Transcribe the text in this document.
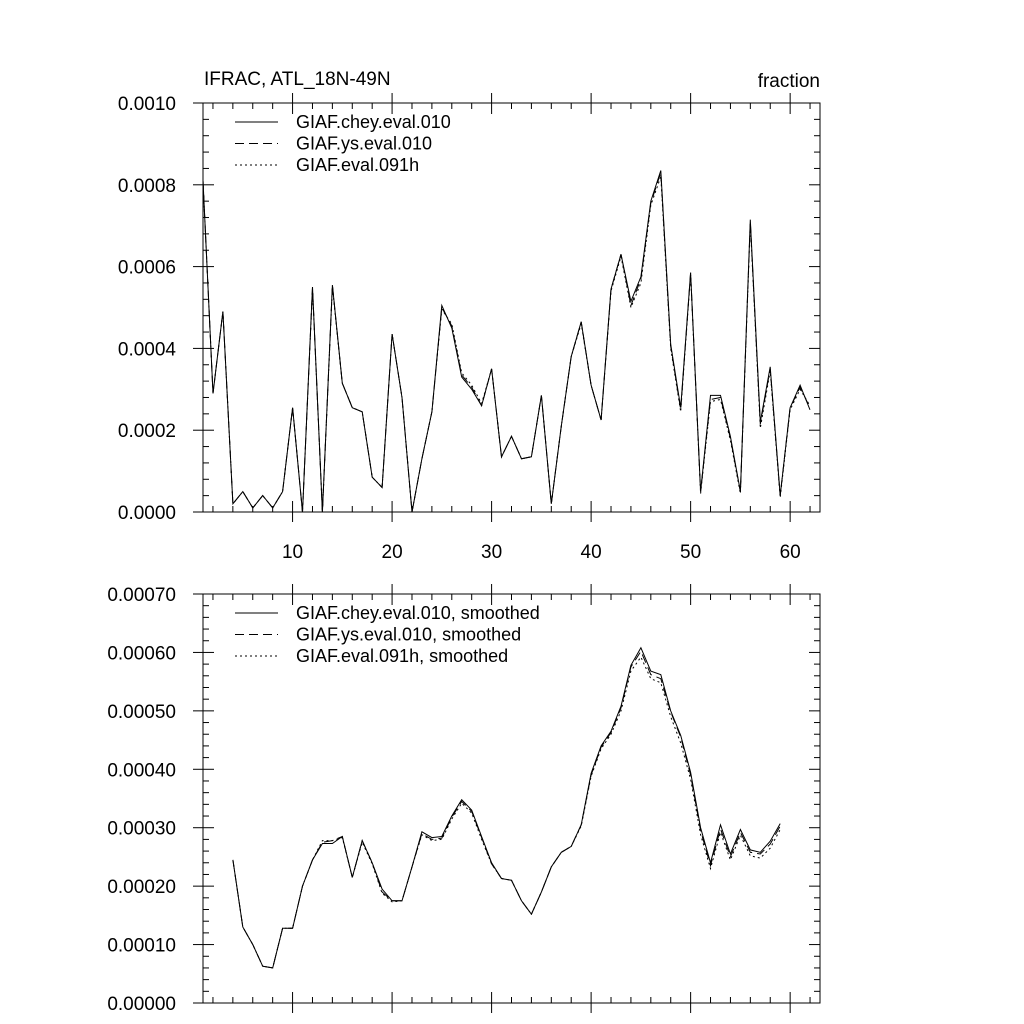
IFRAC, ATL_18N-49N	fraction
0.0000
0.0002
0.0004
0.0006
0.0008
0.0010
10	20	30	40	50	60
GIAF.chey.eval.010
GIAF.ys.eval.010
GIAF.eval.091h
0.00000
0.00010
0.00020
0.00030
0.00040
0.00050
0.00060
0.00070
GIAF.chey.eval.010, smoothed
GIAF.ys.eval.010, smoothed
GIAF.eval.091h, smoothed
